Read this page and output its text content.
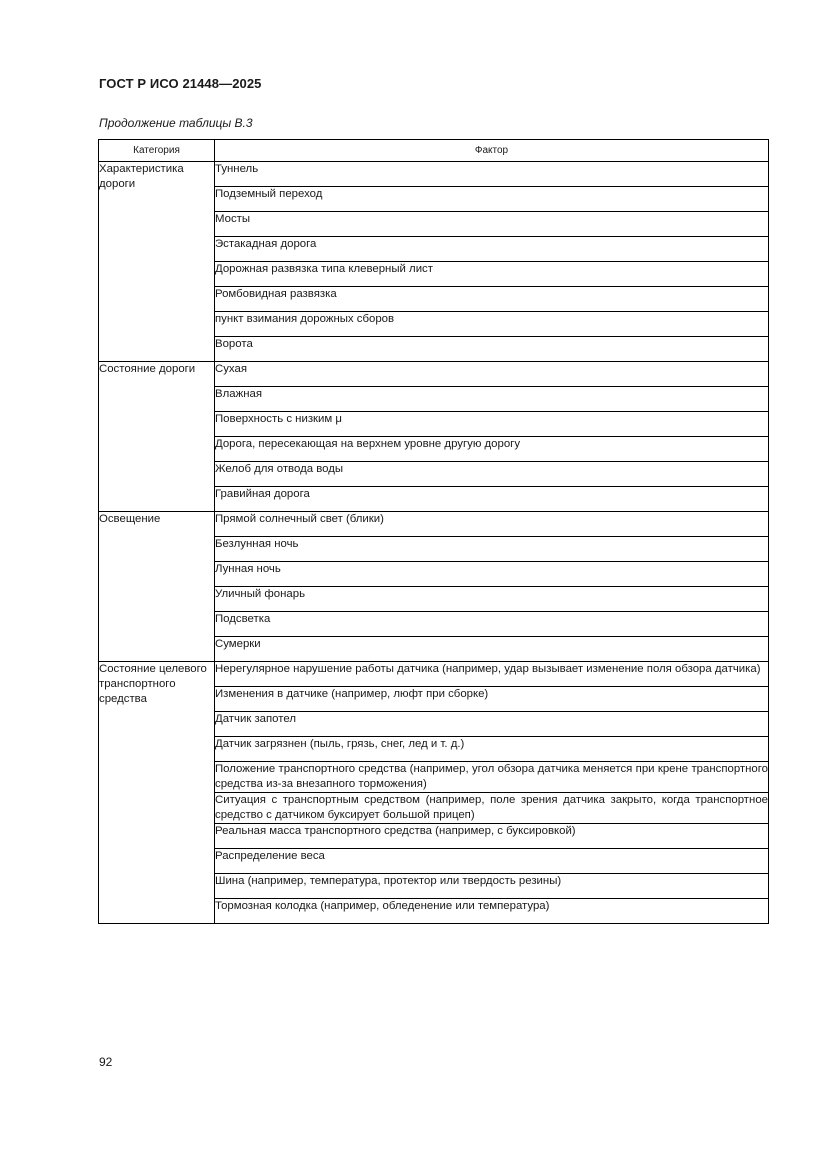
ГОСТ Р ИСО 21448—2025
Продолжение таблицы В.3
Категория	Фактор
Характеристика дороги	Туннель
	Подземный переход
	Мосты
	Эстакадная дорога
	Дорожная развязка типа клеверный лист
	Ромбовидная развязка
	пункт взимания дорожных сборов
	Ворота
Состояние дороги	Сухая
	Влажная
	Поверхность с низким μ
	Дорога, пересекающая на верхнем уровне другую дорогу
	Желоб для отвода воды
	Гравийная дорога
Освещение	Прямой солнечный свет (блики)
	Безлунная ночь
	Лунная ночь
	Уличный фонарь
	Подсветка
	Сумерки
Состояние целевого транспортного средства	Нерегулярное нарушение работы датчика (например, удар вызывает изменение поля обзора датчика)
	Изменения в датчике (например, люфт при сборке)
	Датчик запотел
	Датчик загрязнен (пыль, грязь, снег, лед и т. д.)
	Положение транспортного средства (например, угол обзора датчика меняется при крене транспортного средства из-за внезапного торможения)
	Ситуация с транспортным средством (например, поле зрения датчика закрыто, когда транспортное средство с датчиком буксирует большой прицеп)
	Реальная масса транспортного средства (например, с буксировкой)
	Распределение веса
	Шина (например, температура, протектор или твердость резины)
	Тормозная колодка (например, обледенение или температура)
92
